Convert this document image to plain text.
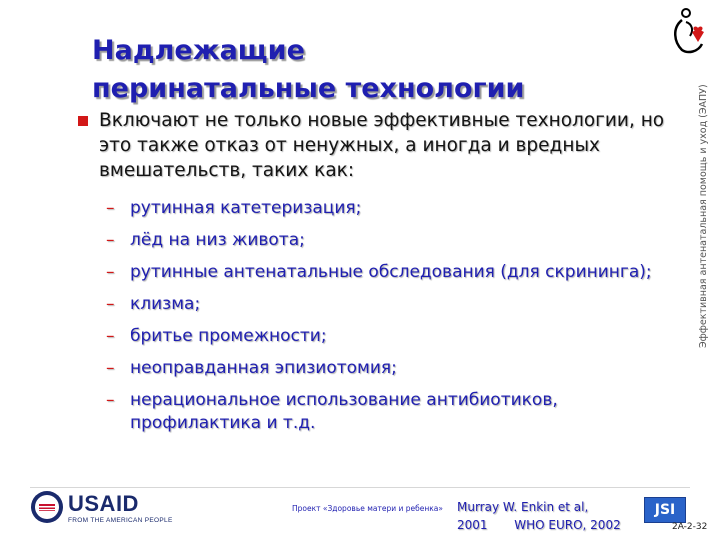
Надлежащие
перинатальные технологии
Включают не только новые эффективные технологии, но это также отказ от ненужных, а иногда и вредных вмешательств, таких как:
– рутинная катетеризация;
– лёд на низ живота;
– рутинные антенатальные обследования (для скрининга);
– клизма;
– бритье промежности;
– неоправданная эпизиотомия;
– нерациональное использование антибиотиков, профилактика и т.д.
Эффективная антенатальная помощь и уход (ЭАПУ)
USAID
FROM THE AMERICAN PEOPLE
Проект «Здоровье матери и ребенка» Murray W. Enkin et al,
2001 WHO EURO, 2002
JSI
2A-2-32
